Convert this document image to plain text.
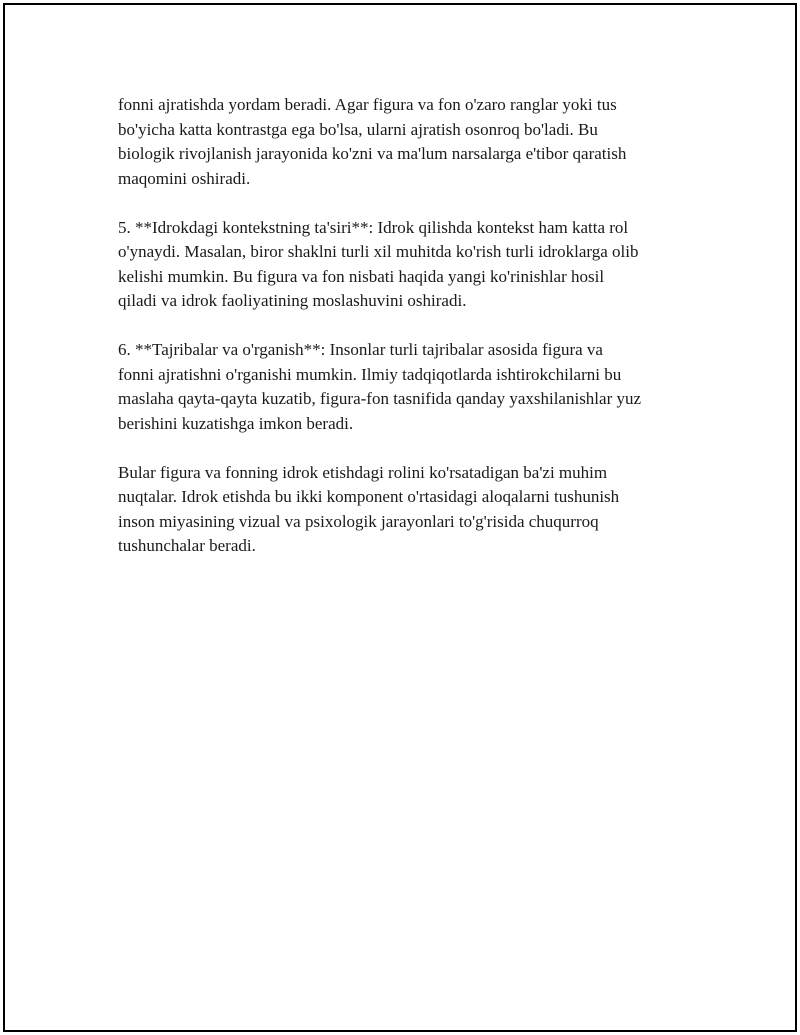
fonni ajratishda yordam beradi. Agar figura va fon o'zaro ranglar yoki tus
bo'yicha katta kontrastga ega bo'lsa, ularni ajratish osonroq bo'ladi. Bu
biologik rivojlanish jarayonida ko'zni va ma'lum narsalarga e'tibor qaratish
maqomini oshiradi.

5. **Idrokdagi kontekstning ta'siri**: Idrok qilishda kontekst ham katta rol
o'ynaydi. Masalan, biror shaklni turli xil muhitda ko'rish turli idroklarga olib
kelishi mumkin. Bu figura va fon nisbati haqida yangi ko'rinishlar hosil
qiladi va idrok faoliyatining moslashuvini oshiradi.

6. **Tajribalar va o'rganish**: Insonlar turli tajribalar asosida figura va
fonni ajratishni o'rganishi mumkin. Ilmiy tadqiqotlarda ishtirokchilarni bu
maslaha qayta-qayta kuzatib, figura-fon tasnifida qanday yaxshilanishlar yuz
berishini kuzatishga imkon beradi.

Bular figura va fonning idrok etishdagi rolini ko'rsatadigan ba'zi muhim
nuqtalar. Idrok etishda bu ikki komponent o'rtasidagi aloqalarni tushunish
inson miyasining vizual va psixologik jarayonlari to'g'risida chuqurroq
tushunchalar beradi.
